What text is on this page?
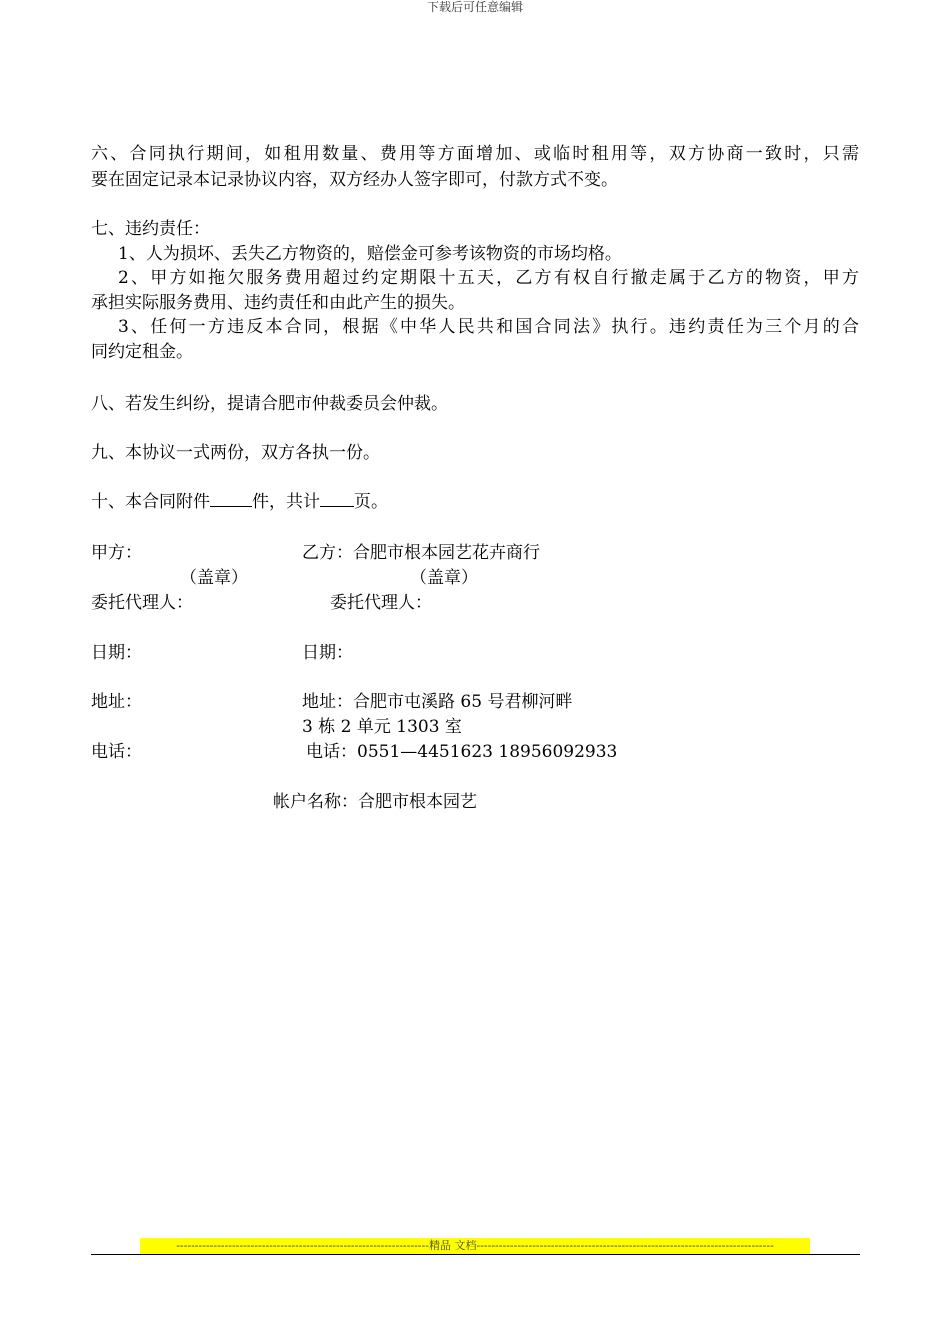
下载后可任意编辑
六、合同执行期间，如租用数量、费用等方面增加、或临时租用等，双方协商一致时，只需
要在固定记录本记录协议内容，双方经办人签字即可，付款方式不变。
七、违约责任：
1、人为损坏、丢失乙方物资的，赔偿金可参考该物资的市场均格。
2、甲方如拖欠服务费用超过约定期限十五天，乙方有权自行撤走属于乙方的物资，甲方
承担实际服务费用、违约责任和由此产生的损失。
3、任何一方违反本合同，根据《中华人民共和国合同法》执行。违约责任为三个月的合
同约定租金。
八、若发生纠纷，提请合肥市仲裁委员会仲裁。
九、本协议一式两份，双方各执一份。
十、本合同附件 件，共计 页。
甲方：	乙方：合肥市根本园艺花卉商行
（盖章）	（盖章）
委托代理人：	委托代理人：
日期：	日期：
地址：	地址：合肥市屯溪路 65 号君柳河畔
3 栋 2 单元 1303 室
电话：	电话：0551—4451623 18956092933
帐户名称：合肥市根本园艺
--------------------------------------------------------------------精品 文档--------------------------------------------------------------------------------
